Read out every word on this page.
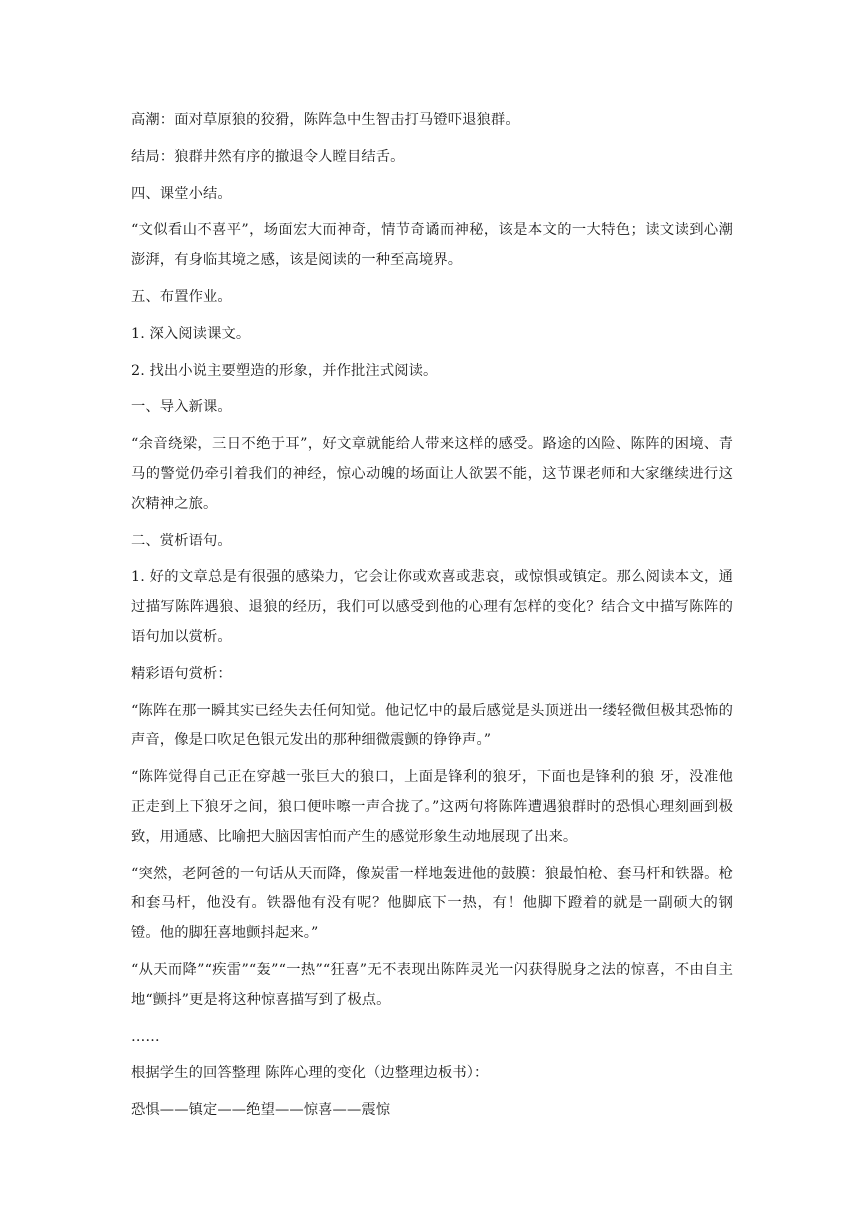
高潮：面对草原狼的狡猾，陈阵急中生智击打马镫吓退狼群。

结局：狼群井然有序的撤退令人瞠目结舌。

四、课堂小结。

“文似看山不喜平”，场面宏大而神奇，情节奇谲而神秘，该是本文的一大特色；读文读到心潮澎湃，有身临其境之感，该是阅读的一种至高境界。

五、布置作业。

1. 深入阅读课文。

2. 找出小说主要塑造的形象，并作批注式阅读。

一、导入新课。

“余音绕梁，三日不绝于耳”，好文章就能给人带来这样的感受。路途的凶险、陈阵的困境、青马的警觉仍牵引着我们的神经，惊心动魄的场面让人欲罢不能，这节课老师和大家继续进行这次精神之旅。

二、赏析语句。

1. 好的文章总是有很强的感染力，它会让你或欢喜或悲哀，或惊惧或镇定。那么阅读本文，通过描写陈阵遇狼、退狼的经历，我们可以感受到他的心理有怎样的变化？结合文中描写陈阵的语句加以赏析。

精彩语句赏析：

“陈阵在那一瞬其实已经失去任何知觉。他记忆中的最后感觉是头顶迸出一缕轻微但极其恐怖的声音，像是口吹足色银元发出的那种细微震颤的铮铮声。”

“陈阵觉得自己正在穿越一张巨大的狼口，上面是锋利的狼牙，下面也是锋利的狼 牙，没准他正走到上下狼牙之间，狼口便咔嚓一声合拢了。”这两句将陈阵遭遇狼群时的恐惧心理刻画到极致，用通感、比喻把大脑因害怕而产生的感觉形象生动地展现了出来。

“突然，老阿爸的一句话从天而降，像炭雷一样地轰进他的鼓膜：狼最怕枪、套马杆和铁器。枪和套马杆，他没有。铁器他有没有呢？他脚底下一热，有！他脚下蹬着的就是一副硕大的钢镫。他的脚狂喜地颤抖起来。”

“从天而降”“疾雷”“轰”“一热”“狂喜”无不表现出陈阵灵光一闪获得脱身之法的惊喜，不由自主地“颤抖”更是将这种惊喜描写到了极点。

……

根据学生的回答整理 陈阵心理的变化（边整理边板书）：

恐惧——镇定——绝望——惊喜——震惊
